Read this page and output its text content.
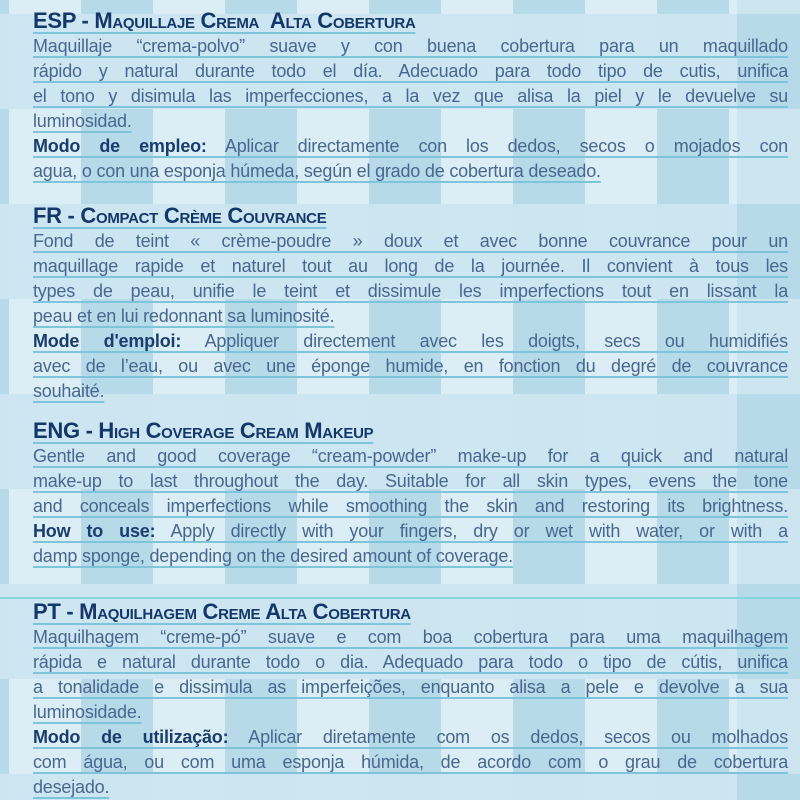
ESP - Maquillaje Crema  Alta Cobertura
Maquillaje “crema-polvo” suave y con buena cobertura para un maquillado
rápido y natural durante todo el día. Adecuado para todo tipo de cutis, unifica
el tono y disimula las imperfecciones, a la vez que alisa la piel y le devuelve su
luminosidad.
Modo de empleo: Aplicar directamente con los dedos, secos o mojados con
agua, o con una esponja húmeda, según el grado de cobertura deseado.
FR - Compact Crème Couvrance
Fond de teint « crème-poudre » doux et avec bonne couvrance pour un
maquillage rapide et naturel tout au long de la journée. Il convient à tous les
types de peau, unifie le teint et dissimule les imperfections tout en lissant la
peau et en lui redonnant sa luminosité.
Mode d'emploi: Appliquer directement avec les doigts, secs ou humidifiés
avec de l’eau, ou avec une éponge humide, en fonction du degré de couvrance
souhaité.
ENG - High Coverage Cream Makeup
Gentle and good coverage “cream-powder” make-up for a quick and natural
make-up to last throughout the day. Suitable for all skin types, evens the tone
and conceals imperfections while smoothing the skin and restoring its brightness.
How to use: Apply directly with your fingers, dry or wet with water, or with a
damp sponge, depending on the desired amount of coverage.
PT - Maquilhagem Creme Alta Cobertura
Maquilhagem “creme-pó” suave e com boa cobertura para uma maquilhagem
rápida e natural durante todo o dia. Adequado para todo o tipo de cútis, unifica
a tonalidade e dissimula as imperfeições, enquanto alisa a pele e devolve a sua
luminosidade.
Modo de utilização: Aplicar diretamente com os dedos, secos ou molhados
com água, ou com uma esponja húmida, de acordo com o grau de cobertura
desejado.
